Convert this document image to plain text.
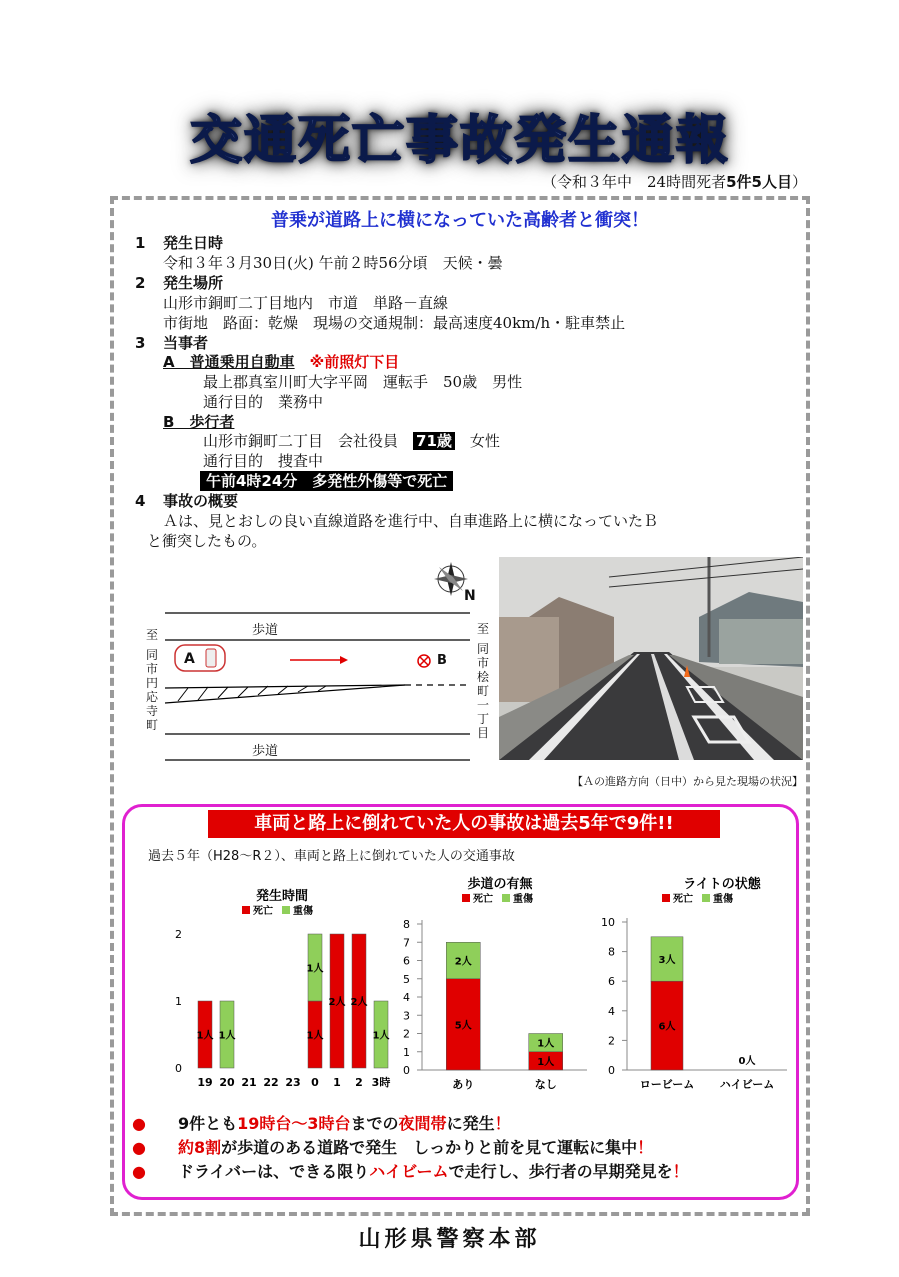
交通死亡事故発生通報
（令和３年中　24時間死者5件5人目）
普乗が道路上に横になっていた高齢者と衝突！
1 発生日時
令和３年３月30日(火) 午前２時56分頃　天候・曇
2 発生場所
山形市銅町二丁目地内　市道　単路－直線
市街地　路面：乾燥　現場の交通規制：最高速度40km/h・駐車禁止
3 当事者
A　普通乗用自動車　 ※前照灯下目
最上郡真室川町大字平岡　運転手　50歳　男性
通行目的　業務中
B　歩行者
山形市銅町二丁目　会社役員　 71歳　 女性
通行目的　捜査中
午前4時24分　多発性外傷等で死亡
4 事故の概要
Ａは、見とおしの良い直線道路を進行中、自車進路上に横になっていたＢ
と衝突したもの。
歩道
歩道
N
A	B
至
同
市
円
応
寺
町
至
同
市
桧
町
一
丁
目
【Ａの進路方向（日中）から見た現場の状況】
車両と路上に倒れていた人の事故は過去5年で9件!!
過去５年（H28～R２）、車両と路上に倒れていた人の交通事故
発生時間
死亡 重傷
0
1
2
19 20 21 22 23 0 1 2 3時
1人 1人	1人
1人
2人 2人
1人
歩道の有無
死亡 重傷
0
1
2
3
4
5
6
7
8
あり	なし
5人
2人
1人
1人
ライトの状態
死亡 重傷
0
2
4
6
8
10
ロービーム ハイビーム
6人
3人
0人
●　　 9件とも19時台～3時台までの夜間帯に発生！
●　　 約8割が歩道のある道路で発生　しっかりと前を見て運転に集中！
●　　 ドライバーは、できる限りハイビームで走行し、歩行者の早期発見を！
山形県警察本部
